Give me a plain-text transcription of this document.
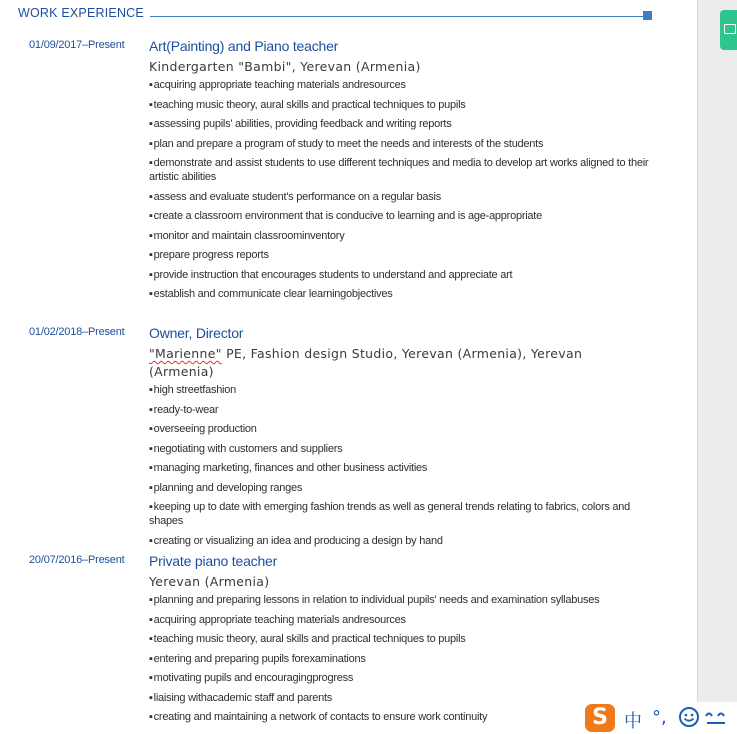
WORK EXPERIENCE
01/09/2017–Present Art(Painting) and Piano teacher
Kindergarten "Bambi", Yerevan (Armenia)
▪acquiring appropriate teaching materials andresources
▪teaching music theory, aural skills and practical techniques to pupils
▪assessing pupils' abilities, providing feedback and writing reports
▪plan and prepare a program of study to meet the needs and interests of the students
▪demonstrate and assist students to use different techniques and media to develop art works aligned to their artistic abilities
▪assess and evaluate student's performance on a regular basis
▪create a classroom environment that is conducive to learning and is age-appropriate
▪monitor and maintain classroominventory
▪prepare progress reports
▪provide instruction that encourages students to understand and appreciate art
▪establish and communicate clear learningobjectives
01/02/2018–Present Owner, Director
"Marienne" PE, Fashion design Studio, Yerevan (Armenia), Yerevan (Armenia)
▪high streetfashion
▪ready-to-wear
▪overseeing production
▪negotiating with customers and suppliers
▪managing marketing, finances and other business activities
▪planning and developing ranges
▪keeping up to date with emerging fashion trends as well as general trends relating to fabrics, colors and shapes
▪creating or visualizing an idea and producing a design by hand
20/07/2016–Present Private piano teacher
Yerevan (Armenia)
▪planning and preparing lessons in relation to individual pupils' needs and examination syllabuses
▪acquiring appropriate teaching materials andresources
▪teaching music theory, aural skills and practical techniques to pupils
▪entering and preparing pupils forexaminations
▪motivating pupils and encouragingprogress
▪liaising withacademic staff and parents
▪creating and maintaining a network of contacts to ensure work continuity	S 中 °,
